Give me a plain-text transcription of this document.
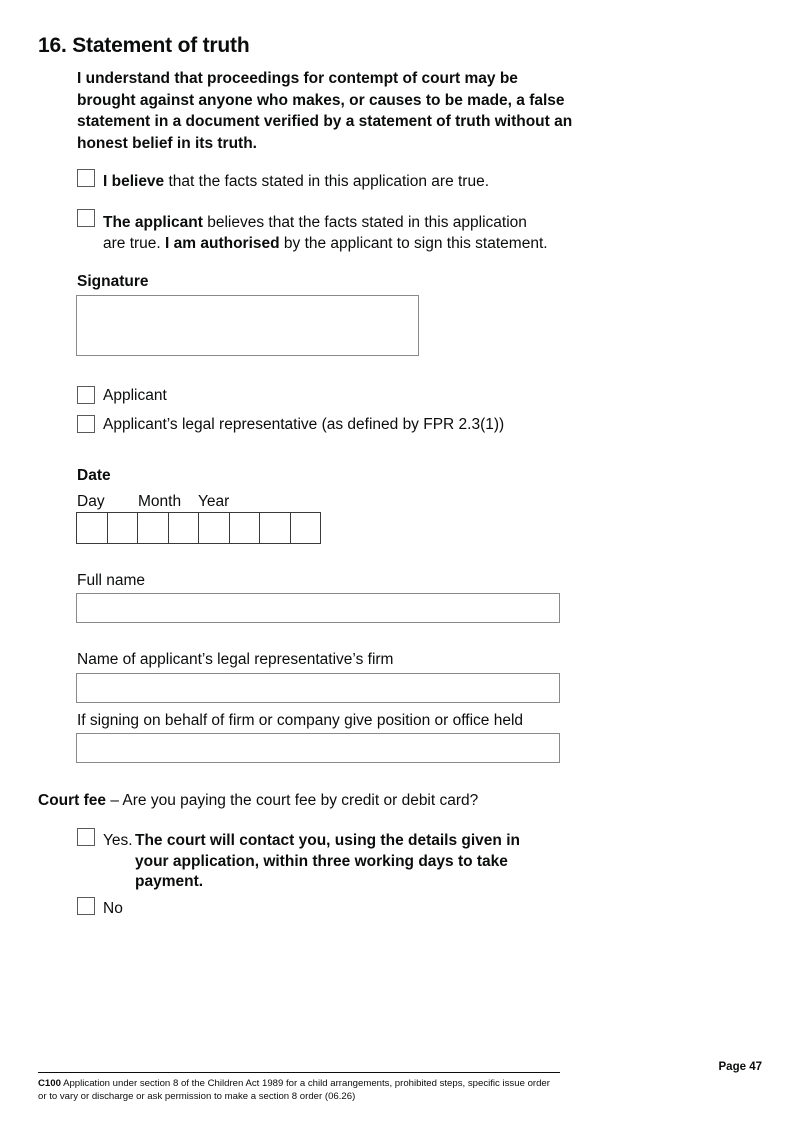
16. Statement of truth
I understand that proceedings for contempt of court may be brought against anyone who makes, or causes to be made, a false statement in a document verified by a statement of truth without an honest belief in its truth.
I believe that the facts stated in this application are true.
The applicant believes that the facts stated in this application
are true. I am authorised by the applicant to sign this statement.
Signature
Applicant
Applicant’s legal representative (as defined by FPR 2.3(1))
Date
Day Month Year
Full name
Name of applicant’s legal representative’s firm
If signing on behalf of firm or company give position or office held
Court fee – Are you paying the court fee by credit or debit card?
Yes. The court will contact you, using the details given in your application, within three working days to take payment.
No
Page 47
C100 Application under section 8 of the Children Act 1989 for a child arrangements, prohibited steps, specific issue order or to vary or discharge or ask permission to make a section 8 order (06.26)
